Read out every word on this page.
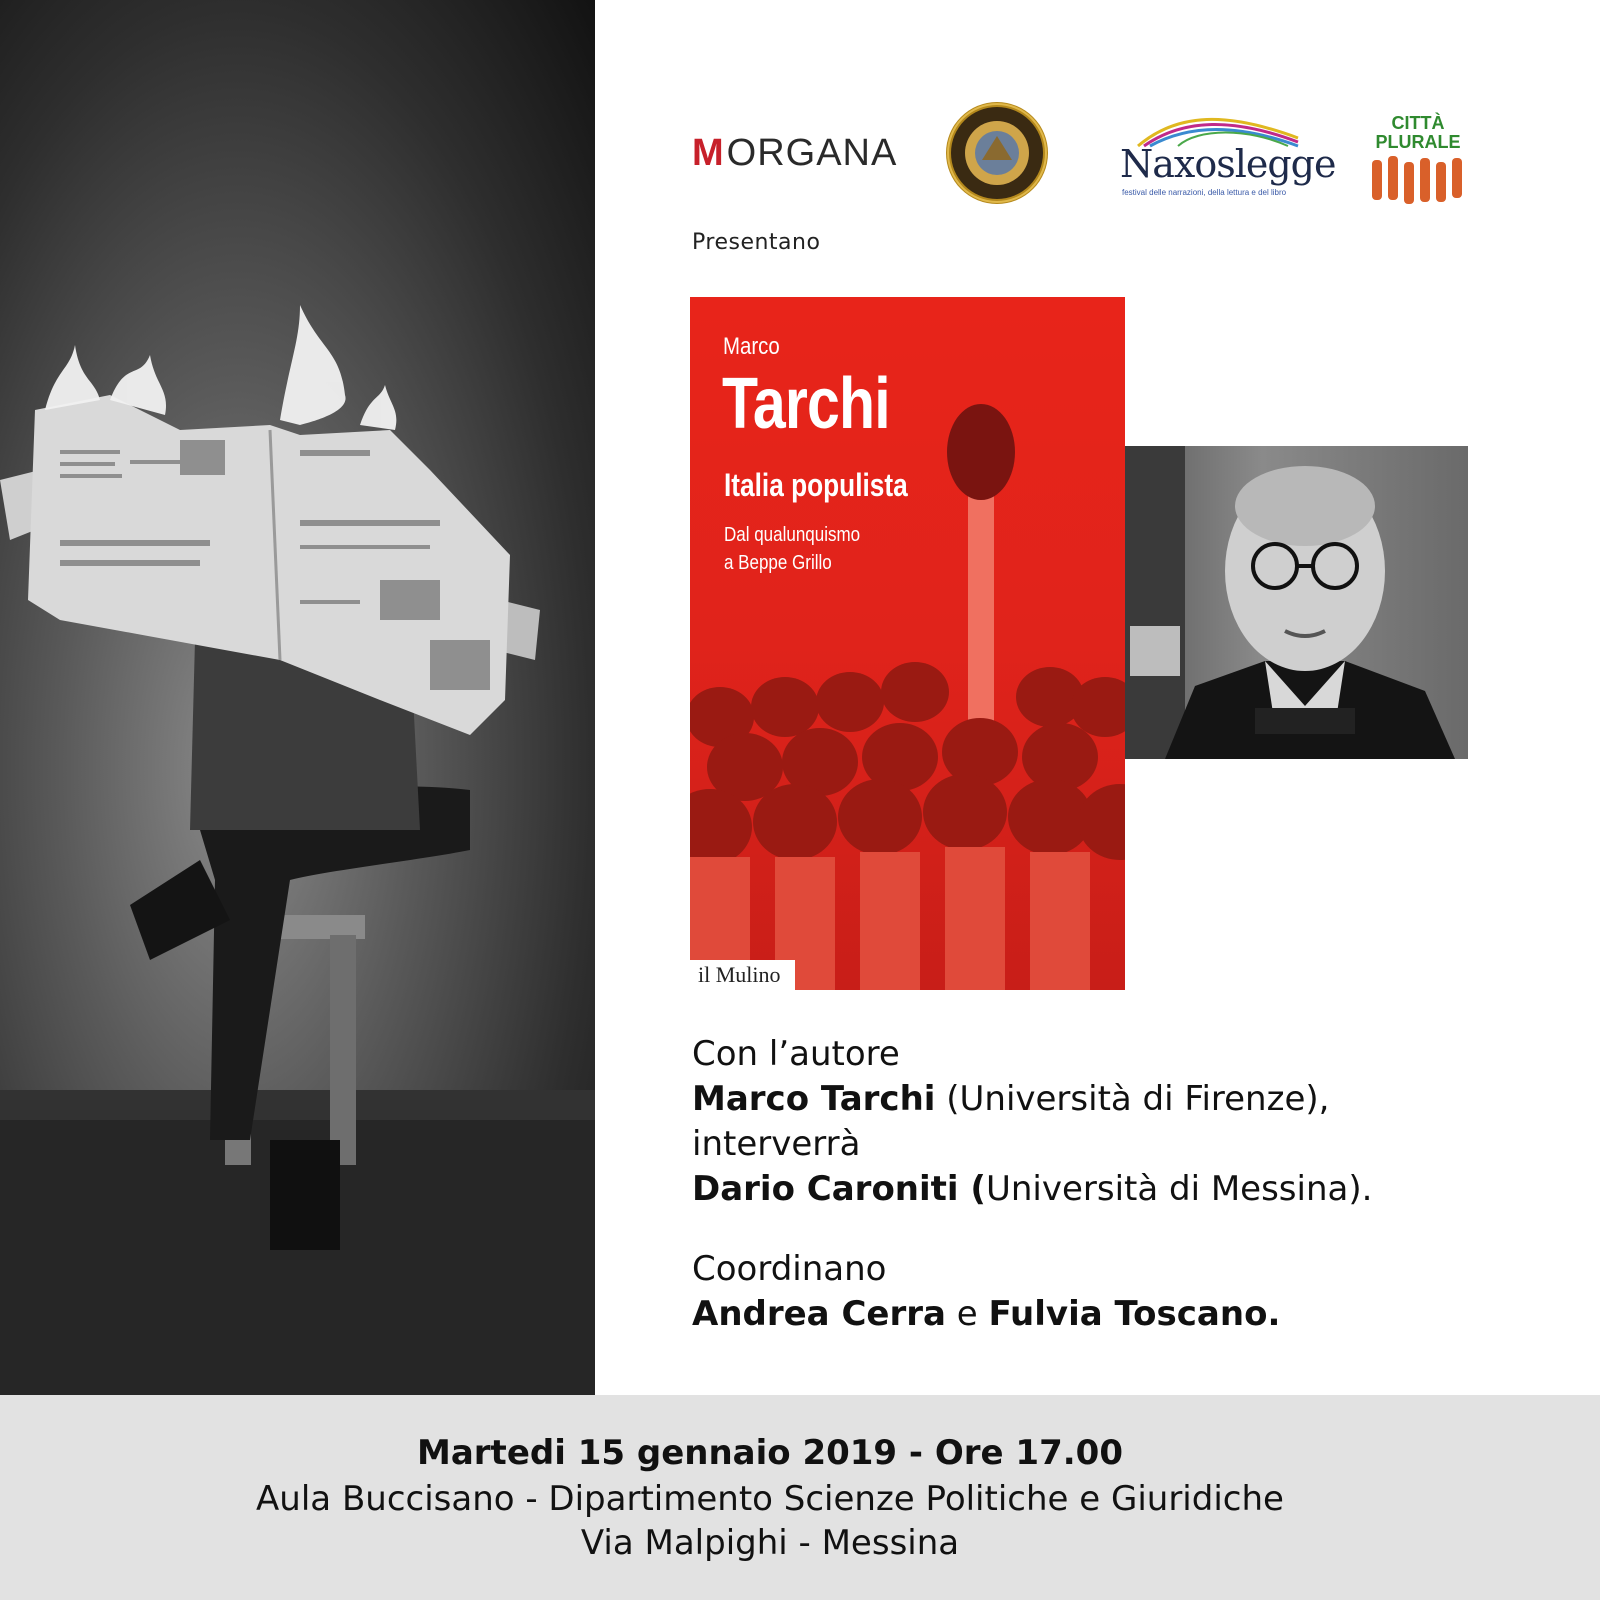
M ORGANA	Naxoslegge
festival delle narrazioni, della lettura e del libro
CITTÀ
PLURALE
Presentano
Marco
Tarchi
Italia populista
Dal qualunquismo
a Beppe Grillo
il Mulino

Con l’autore

Marco Tarchi (Università di Firenze),

interverrà

Dario Caroniti (Università di Messina).

Coordinano

Andrea Cerra e Fulvia Toscano.

Martedi 15 gennaio 2019 - Ore 17.00
Aula Buccisano - Dipartimento Scienze Politiche e Giuridiche
Via Malpighi - Messina
